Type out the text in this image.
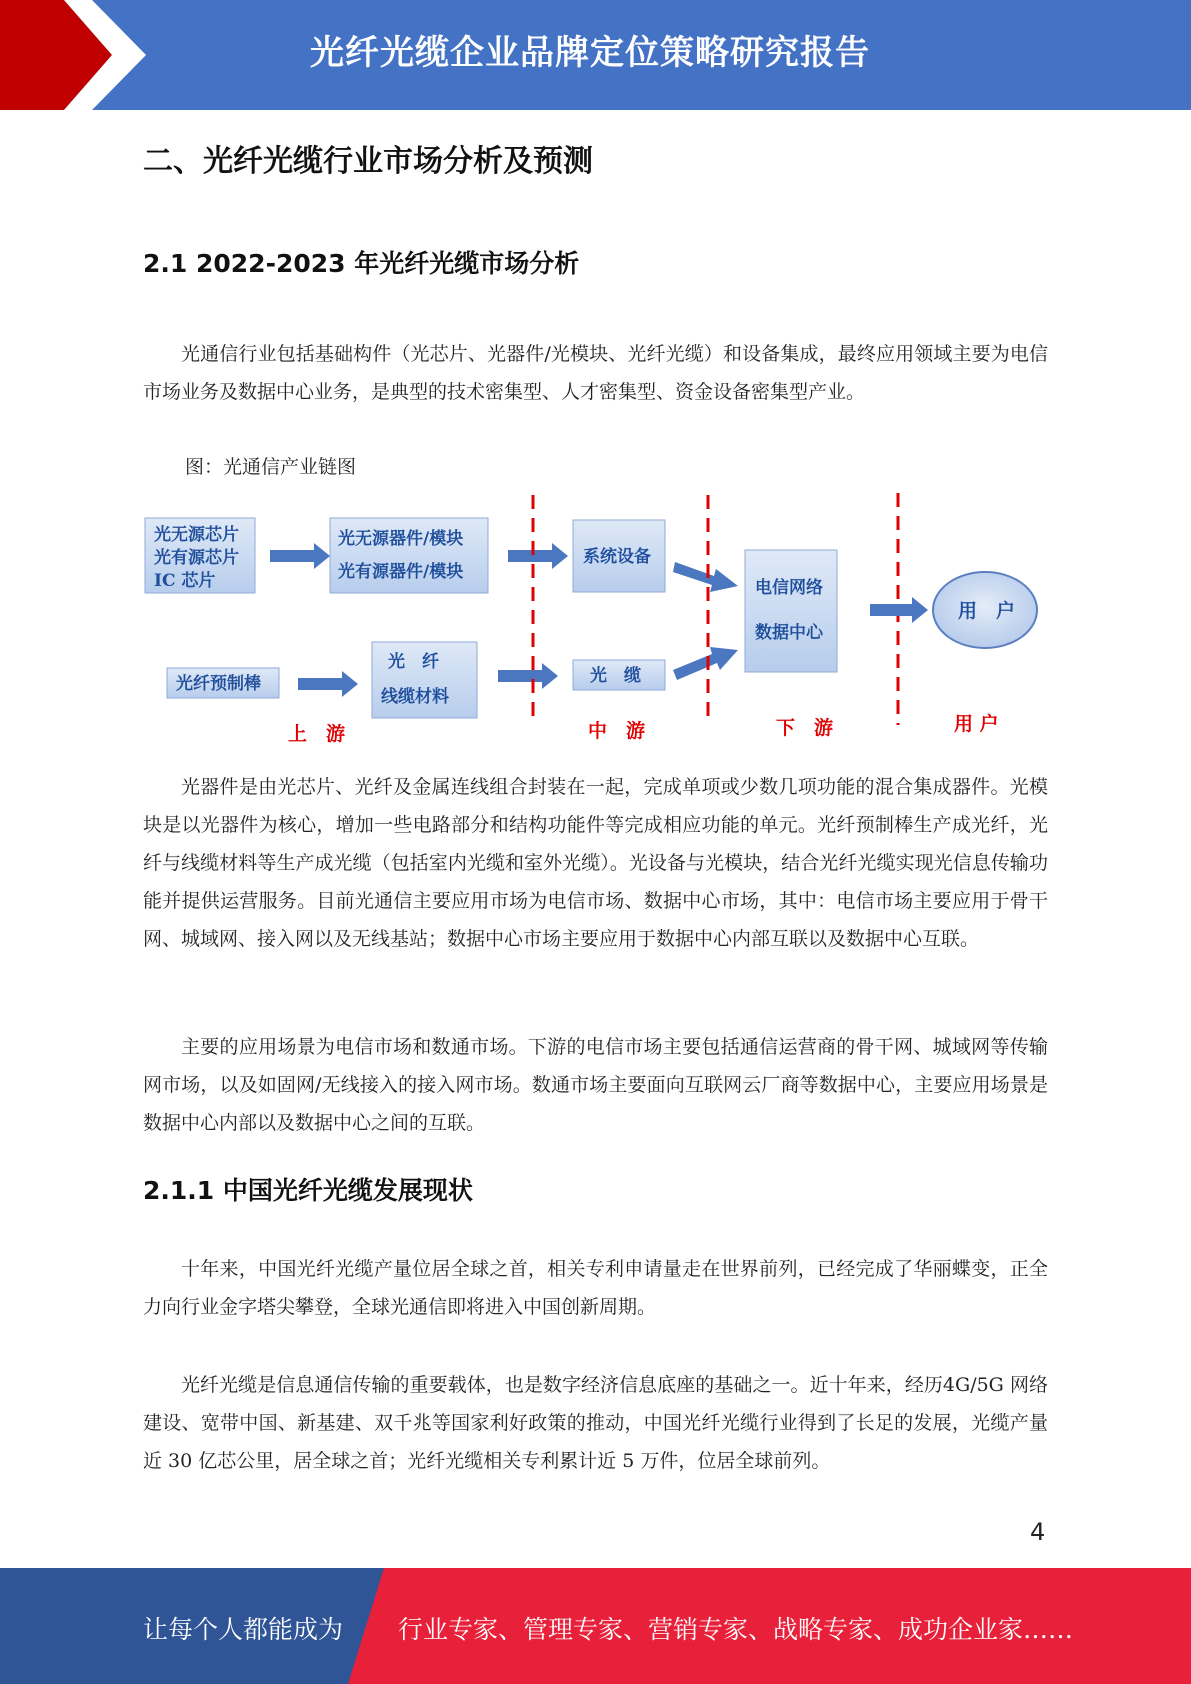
光纤光缆企业品牌定位策略研究报告
二、光纤光缆行业市场分析及预测
2.1 2022-2023 年光纤光缆市场分析

光通信行业包括基础构件（光芯片、光器件/光模块、光纤光缆）和设备集成，最终应用领域主要为电信市场业务及数据中心业务，是典型的技术密集型、人才密集型、资金设备密集型产业。

图：光通信产业链图
光无源芯片
光有源芯片
IC 芯片
光无源器件/模块
光有源器件/模块
光纤预制棒
光　纤
线缆材料
系统设备
光　缆
电信网络
数据中心
用　户
上　游	中　游	下　游	用 户

光器件是由光芯片、光纤及金属连线组合封装在一起，完成单项或少数几项功能的混合集成器件。光模块是以光器件为核心，增加一些电路部分和结构功能件等完成相应功能的单元。光纤预制棒生产成光纤，光纤与线缆材料等生产成光缆（包括室内光缆和室外光缆）。光设备与光模块，结合光纤光缆实现光信息传输功能并提供运营服务。目前光通信主要应用市场为电信市场、数据中心市场，其中：电信市场主要应用于骨干网、城域网、接入网以及无线基站；数据中心市场主要应用于数据中心内部互联以及数据中心互联。

主要的应用场景为电信市场和数通市场。下游的电信市场主要包括通信运营商的骨干网、城域网等传输网市场，以及如固网/无线接入的接入网市场。数通市场主要面向互联网云厂商等数据中心，主要应用场景是数据中心内部以及数据中心之间的互联。

2.1.1 中国光纤光缆发展现状

十年来，中国光纤光缆产量位居全球之首，相关专利申请量走在世界前列，已经完成了华丽蝶变，正全力向行业金字塔尖攀登，全球光通信即将进入中国创新周期。

光纤光缆是信息通信传输的重要载体，也是数字经济信息底座的基础之一。近十年来，经历4G/5G 网络建设、宽带中国、新基建、双千兆等国家利好政策的推动，中国光纤光缆行业得到了长足的发展，光缆产量近 30 亿芯公里，居全球之首；光纤光缆相关专利累计近 5 万件，位居全球前列。

4
让每个人都能成为 行业专家、管理专家、营销专家、战略专家、成功企业家……
